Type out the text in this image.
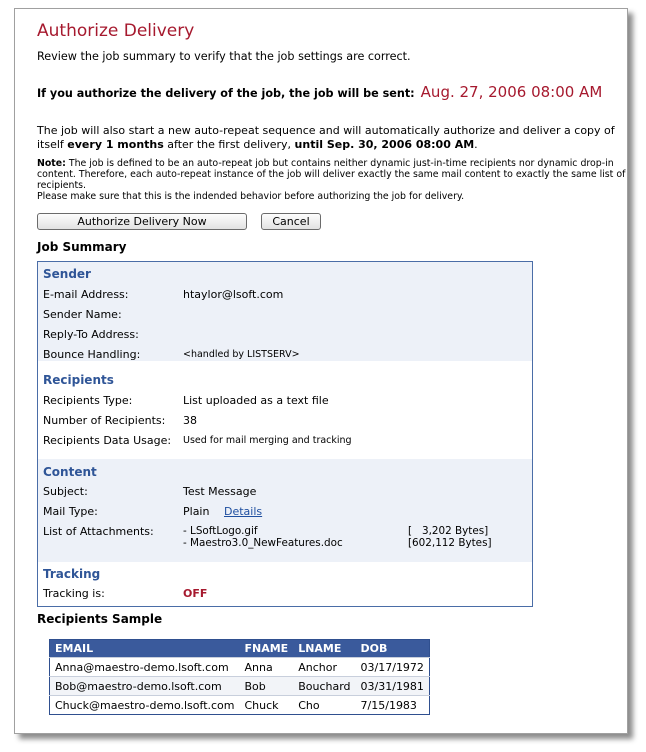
Authorize Delivery
Review the job summary to verify that the job settings are correct.
If you authorize the delivery of the job, the job will be sent: Aug. 27, 2006 08:00 AM
The job will also start a new auto-repeat sequence and will automatically authorize and deliver a copy of itself every 1 months after the first delivery, until Sep. 30, 2006 08:00 AM.
Note: The job is defined to be an auto-repeat job but contains neither dynamic just-in-time recipients nor dynamic drop-in content. Therefore, each auto-repeat instance of the job will deliver exactly the same mail content to exactly the same list of recipients.
Please make sure that this is the indended behavior before authorizing the job for delivery.
Authorize Delivery Now	Cancel
Job Summary
Sender
E-mail Address:	htaylor@lsoft.com
Sender Name:
Reply-To Address:
Bounce Handling:	<handled by LISTSERV>
Recipients
Recipients Type:	List uploaded as a text file
Number of Recipients: 38
Recipients Data Usage: Used for mail merging and tracking
Content
Subject:	Test Message
Mail Type:	Plain Details
List of Attachments:	- LSoftLogo.gif	[   3,202 Bytes]
- Maestro3.0_NewFeatures.doc	[602,112 Bytes]
Tracking
Tracking is:	OFF
Recipients Sample
EMAIL	FNAME	LNAME	DOB
Anna@maestro-demo.lsoft.com	Anna	Anchor	03/17/1972
Bob@maestro-demo.lsoft.com	Bob	Bouchard	03/31/1981
Chuck@maestro-demo.lsoft.com	Chuck	Cho	7/15/1983
